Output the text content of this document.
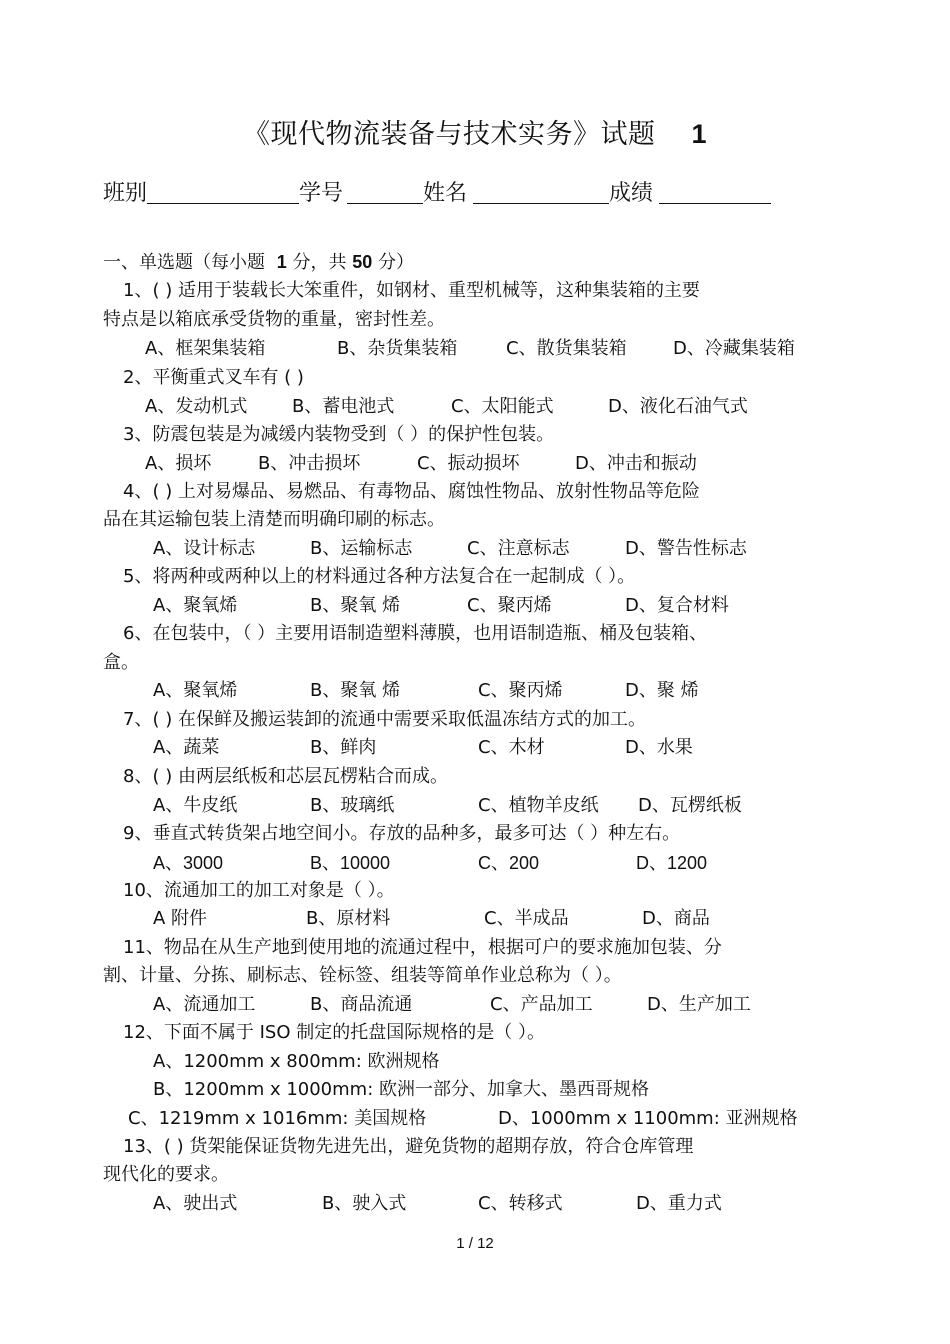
《现代物流装备与技术实务》试题 1
班别	学号	姓名	成绩
一、单选题（每小题 1 分，共 50 分）
1、( ) 适用于装载长大笨重件，如钢材、重型机械等，这种集装箱的主要
特点是以箱底承受货物的重量，密封性差。
A、框架集装箱	B、杂货集装箱	C、散货集装箱	D、冷藏集装箱
2、平衡重式叉车有 ( )
A、发动机式 B、蓄电池式	C、太阳能式	D、液化石油气式
3、防震包装是为减缓内装物受到（ ）的保护性包装。
A、损坏	B、冲击损坏	C、振动损坏	D、冲击和振动
4、( ) 上对易爆品、易燃品、有毒物品、腐蚀性物品、放射性物品等危险
品在其运输包装上清楚而明确印刷的标志。
A、设计标志	B、运输标志	C、注意标志	D、警告性标志
5、将两种或两种以上的材料通过各种方法复合在一起制成（ ）。
A、聚氧烯	B、聚氧 烯	C、聚丙烯	D、复合材料
6、在包装中，（ ）主要用语制造塑料薄膜，也用语制造瓶、桶及包装箱、
盒。
A、聚氧烯	B、聚氧 烯	C、聚丙烯	D、聚 烯
7、( ) 在保鲜及搬运装卸的流通中需要采取低温冻结方式的加工。
A、蔬菜	B、鲜肉	C、木材	D、水果
8、( ) 由两层纸板和芯层瓦楞粘合而成。
A、牛皮纸	B、玻璃纸	C、植物羊皮纸 D、瓦楞纸板
9、垂直式转货架占地空间小。存放的品种多，最多可达（ ）种左右。
A、3000	B、10000	C、200	D、1200
10、流通加工的加工对象是（ ）。
A 附件	B、原材料	C、半成品	D、商品
11、物品在从生产地到使用地的流通过程中，根据可户的要求施加包装、分
割、计量、分拣、刷标志、铨标签、组装等简单作业总称为（ ）。
A、流通加工	B、商品流通	C、产品加工	D、生产加工
12、下面不属于 ISO 制定的托盘国际规格的是（ ）。
A、1200mm x 800mm: 欧洲规格
B、1200mm x 1000mm: 欧洲一部分、加拿大、墨西哥规格
C、1219mm x 1016mm: 美国规格	D、1000mm x 1100mm: 亚洲规格
13、( ) 货架能保证货物先进先出，避免货物的超期存放，符合仓库管理
现代化的要求。
A、驶出式	B、驶入式	C、转移式	D、重力式
1 / 12
